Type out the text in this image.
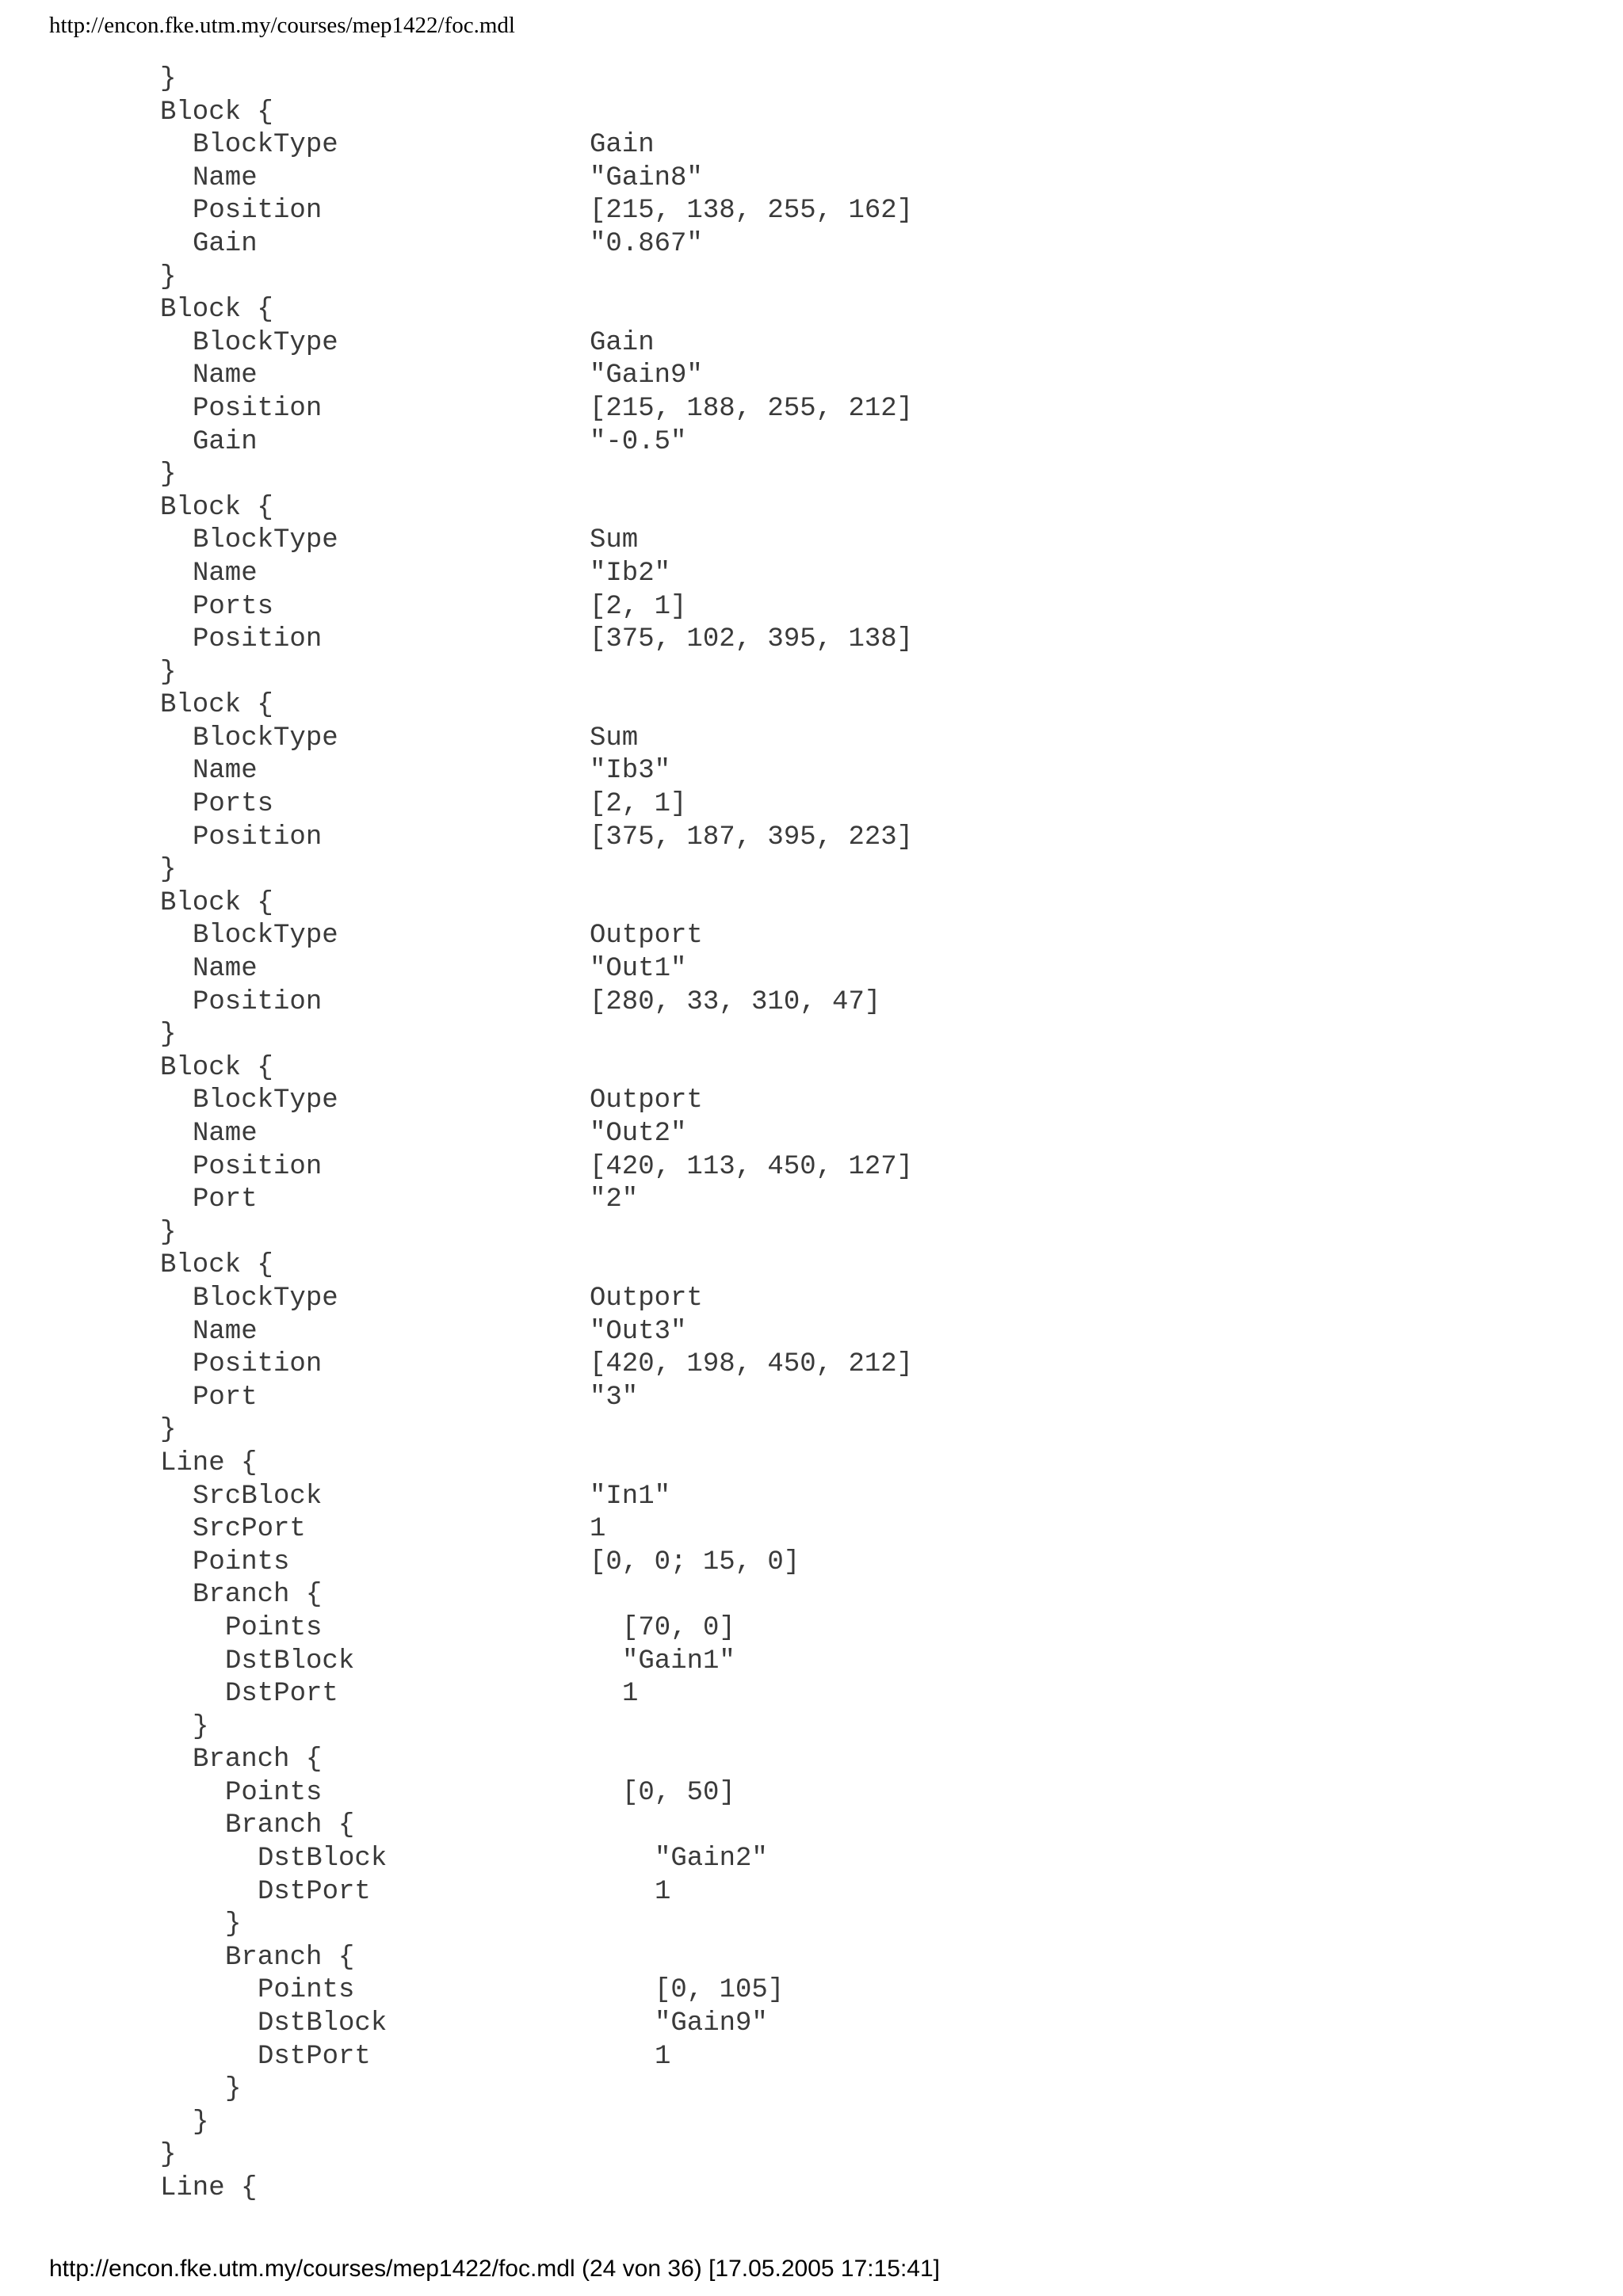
http://encon.fke.utm.my/courses/mep1422/foc.mdl
}
Block {
BlockType	Gain
Name	"Gain8"
Position	[215, 138, 255, 162]
Gain	"0.867"
}
Block {
BlockType	Gain
Name	"Gain9"
Position	[215, 188, 255, 212]
Gain	"-0.5"
}
Block {
BlockType	Sum
Name	"Ib2"
Ports	[2, 1]
Position	[375, 102, 395, 138]
}
Block {
BlockType	Sum
Name	"Ib3"
Ports	[2, 1]
Position	[375, 187, 395, 223]
}
Block {
BlockType	Outport
Name	"Out1"
Position	[280, 33, 310, 47]
}
Block {
BlockType	Outport
Name	"Out2"
Position	[420, 113, 450, 127]
Port	"2"
}
Block {
BlockType	Outport
Name	"Out3"
Position	[420, 198, 450, 212]
Port	"3"
}
Line {
SrcBlock	"In1"
SrcPort	1
Points	[0, 0; 15, 0]
Branch {
Points	[70, 0]
DstBlock	"Gain1"
DstPort	1
}
Branch {
Points	[0, 50]
Branch {
DstBlock	"Gain2"
DstPort	1
}
Branch {
Points	[0, 105]
DstBlock	"Gain9"
DstPort	1
}
}
}
Line {
http://encon.fke.utm.my/courses/mep1422/foc.mdl (24 von 36) [17.05.2005 17:15:41]
